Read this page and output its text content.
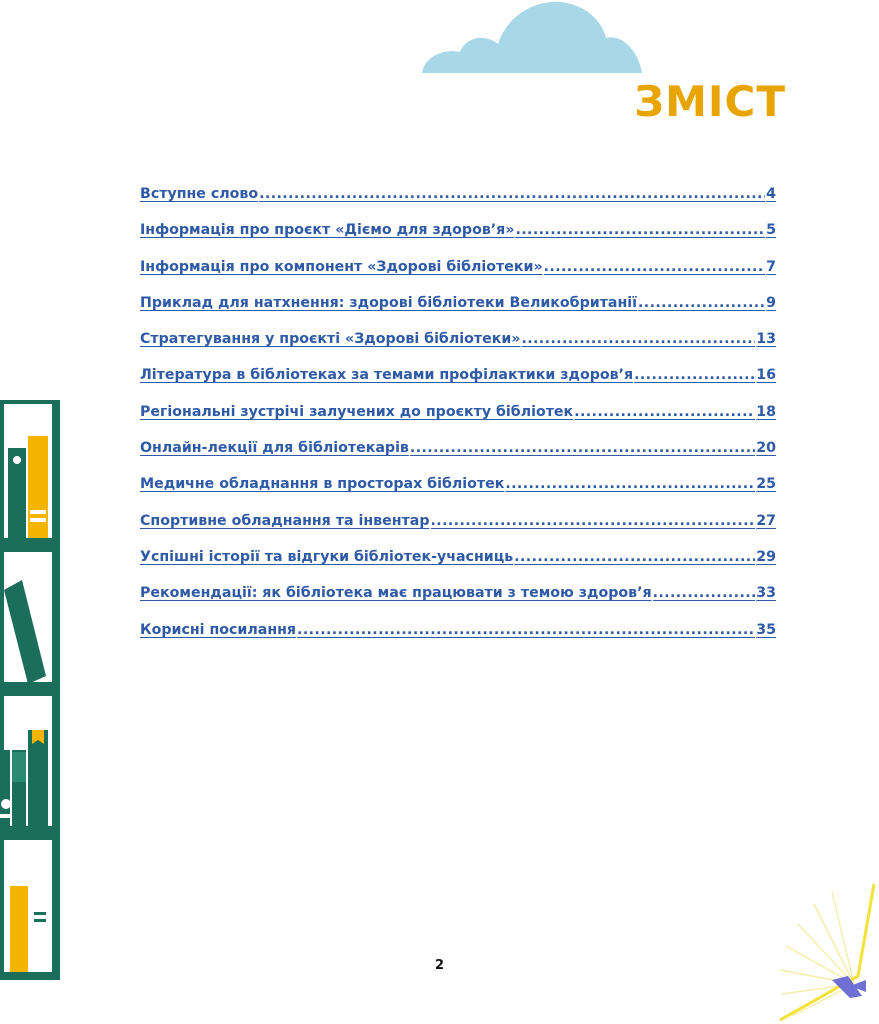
ЗМІСТ
Вступне слово .....	4
Інформація про проєкт «Діємо для здоров’я» .....	5
Інформація про компонент «Здорові бібліотеки» .....	7
Приклад для натхнення: здорові бібліотеки Великобританії .....	9
Стратегування у проєкті «Здорові бібліотеки» .....	13
Література в бібліотеках за темами профілактики здоров’я .....	16
Регіональні зустрічі залучених до проєкту бібліотек .....	18
Онлайн-лекції для бібліотекарів .....	20
Медичне обладнання в просторах бібліотек .....	25
Спортивне обладнання та інвентар .....	27
Успішні історії та відгуки бібліотек-учасниць .....	29
Рекомендації: як бібліотека має працювати з темою здоров’я .....	33
Корисні посилання .....	35
2
